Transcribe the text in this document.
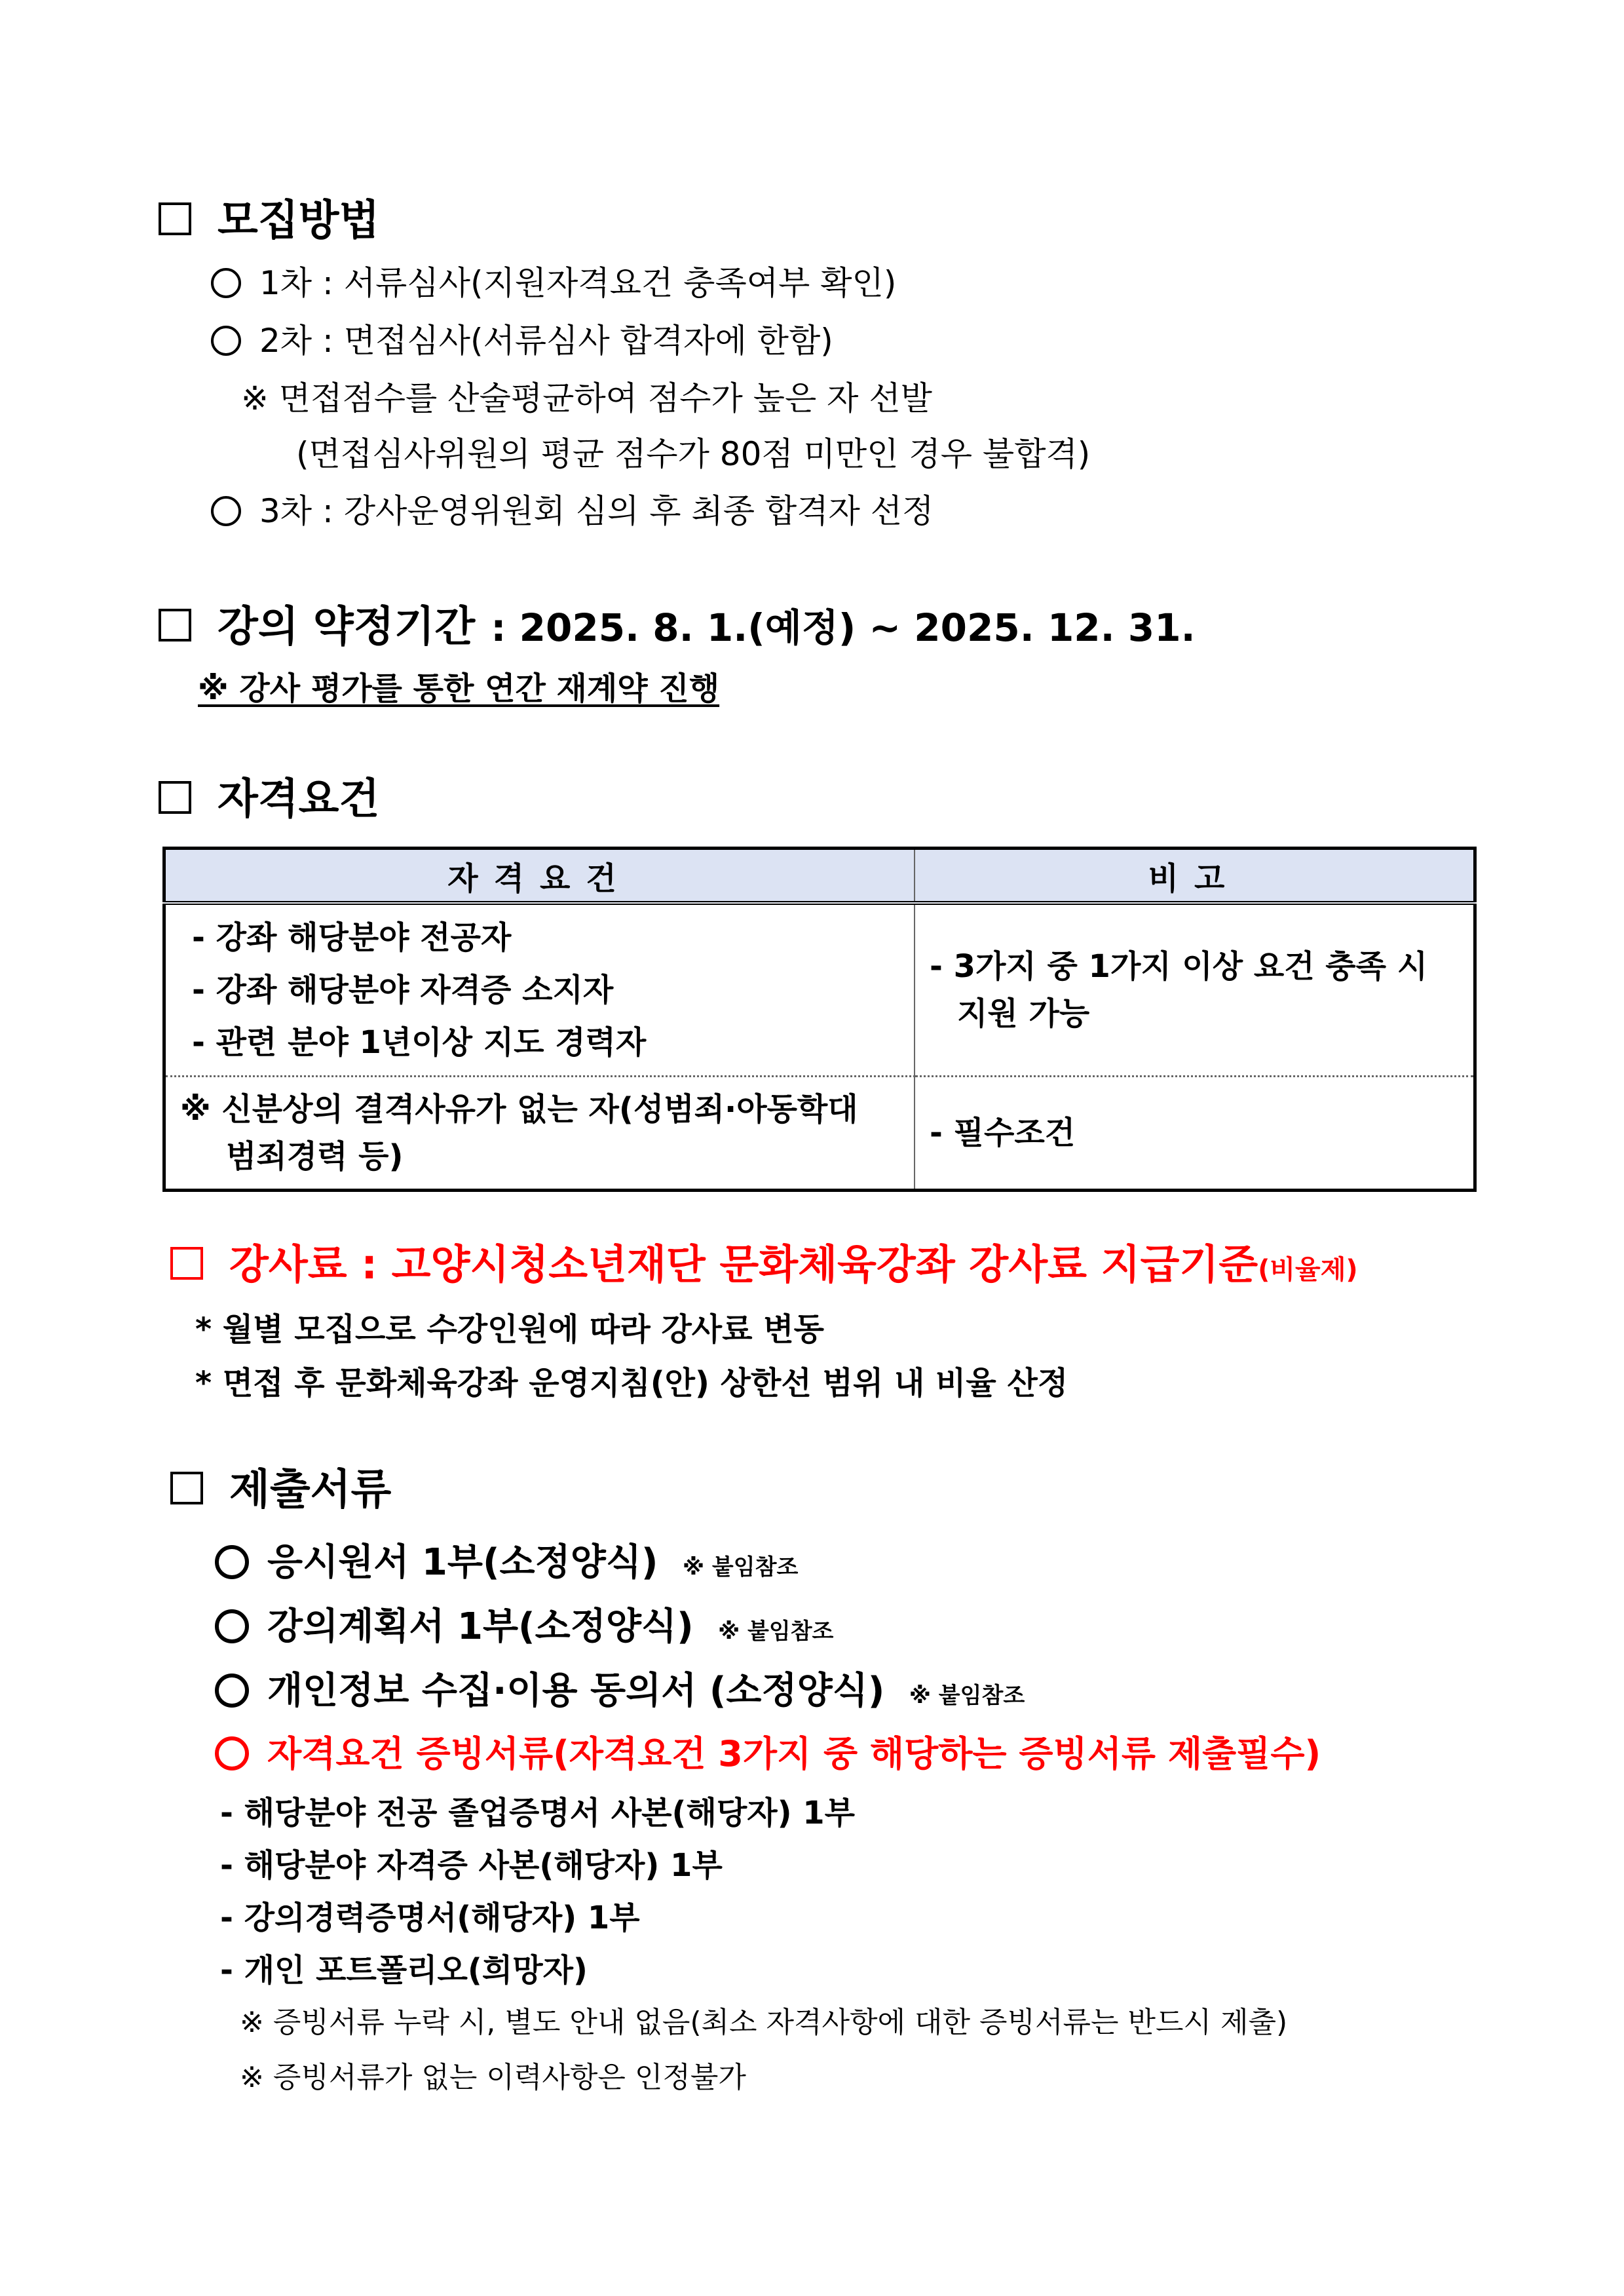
모집방법
1차 : 서류심사(지원자격요건 충족여부 확인)
2차 : 면접심사(서류심사 합격자에 한함)
※ 면접점수를 산술평균하여 점수가 높은 자 선발
(면접심사위원의 평균 점수가 80점 미만인 경우 불합격)
3차 : 강사운영위원회 심의 후 최종 합격자 선정
강의 약정기간 : 2025. 8. 1.(예정) ~ 2025. 12. 31.
※ 강사 평가를 통한 연간 재계약 진행
자격요건
자격요건	비고

- 강좌 해당분야 전공자
- 강좌 해당분야 자격증 소지자
- 관련 분야 1년이상 지도 경력자	- 3가지 중 1가지 이상 요건 충족 시
지원 가능

※ 신분상의 결격사유가 없는 자(성범죄·아동학대
범죄경력 등)	- 필수조건
강사료 : 고양시청소년재단 문화체육강좌 강사료 지급기준(비율제)
* 월별 모집으로 수강인원에 따라 강사료 변동
* 면접 후 문화체육강좌 운영지침(안) 상한선 범위 내 비율 산정
제출서류
응시원서 1부(소정양식) ※ 붙임참조
강의계획서 1부(소정양식) ※ 붙임참조
개인정보 수집·이용 동의서 (소정양식) ※ 붙임참조
자격요건 증빙서류(자격요건 3가지 중 해당하는 증빙서류 제출필수)
- 해당분야 전공 졸업증명서 사본(해당자) 1부
- 해당분야 자격증 사본(해당자) 1부
- 강의경력증명서(해당자) 1부
- 개인 포트폴리오(희망자)
※ 증빙서류 누락 시, 별도 안내 없음(최소 자격사항에 대한 증빙서류는 반드시 제출)
※ 증빙서류가 없는 이력사항은 인정불가
